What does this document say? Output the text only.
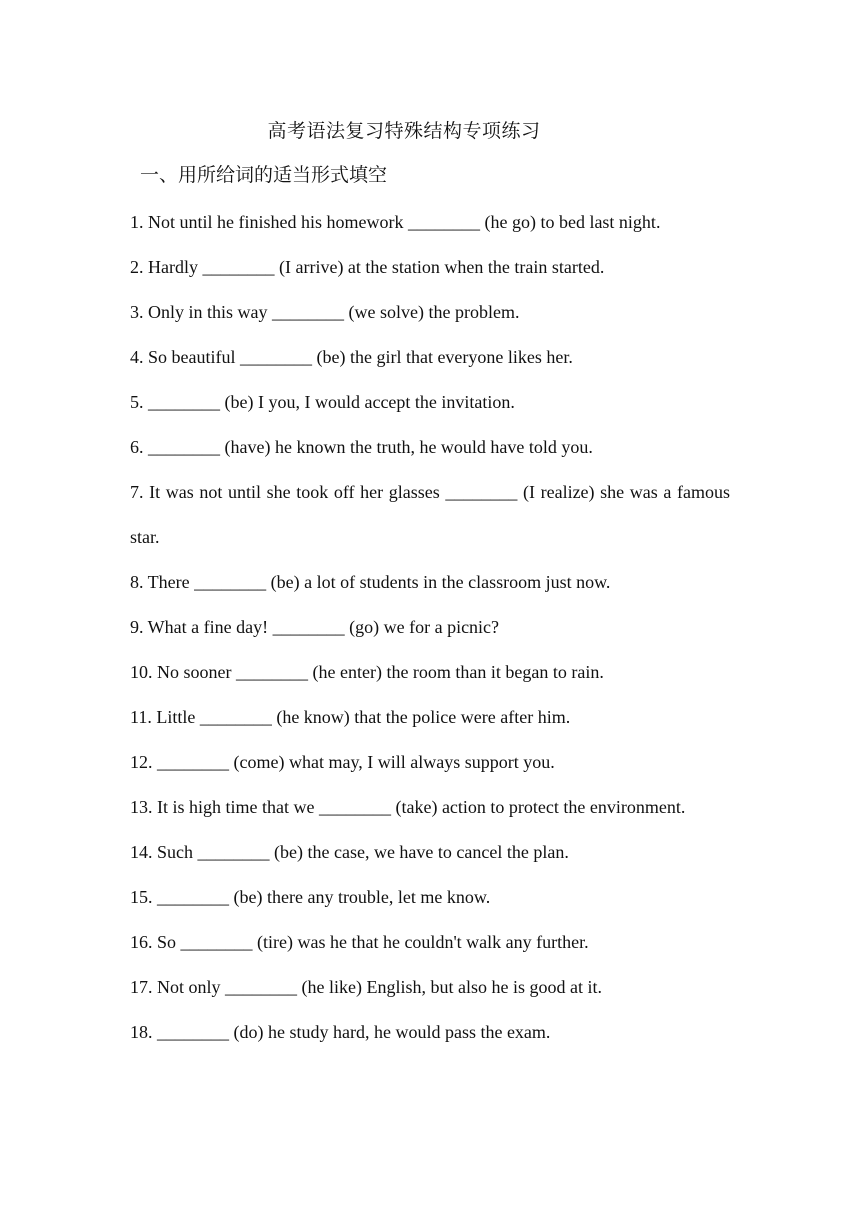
高考语法复习特殊结构专项练习
一、用所给词的适当形式填空

1. Not until he finished his homework ________ (he go) to bed last night.

2. Hardly ________ (I arrive) at the station when the train started.

3. Only in this way ________ (we solve) the problem.

4. So beautiful ________ (be) the girl that everyone likes her.

5. ________ (be) I you, I would accept the invitation.

6. ________ (have) he known the truth, he would have told you.

7. It was not until she took off her glasses ________ (I realize) she was a famous star.

8. There ________ (be) a lot of students in the classroom just now.

9. What a fine day! ________ (go) we for a picnic?

10. No sooner ________ (he enter) the room than it began to rain.

11. Little ________ (he know) that the police were after him.

12. ________ (come) what may, I will always support you.

13. It is high time that we ________ (take) action to protect the environment.

14. Such ________ (be) the case, we have to cancel the plan.

15. ________ (be) there any trouble, let me know.

16. So ________ (tire) was he that he couldn't walk any further.

17. Not only ________ (he like) English, but also he is good at it.

18. ________ (do) he study hard, he would pass the exam.
